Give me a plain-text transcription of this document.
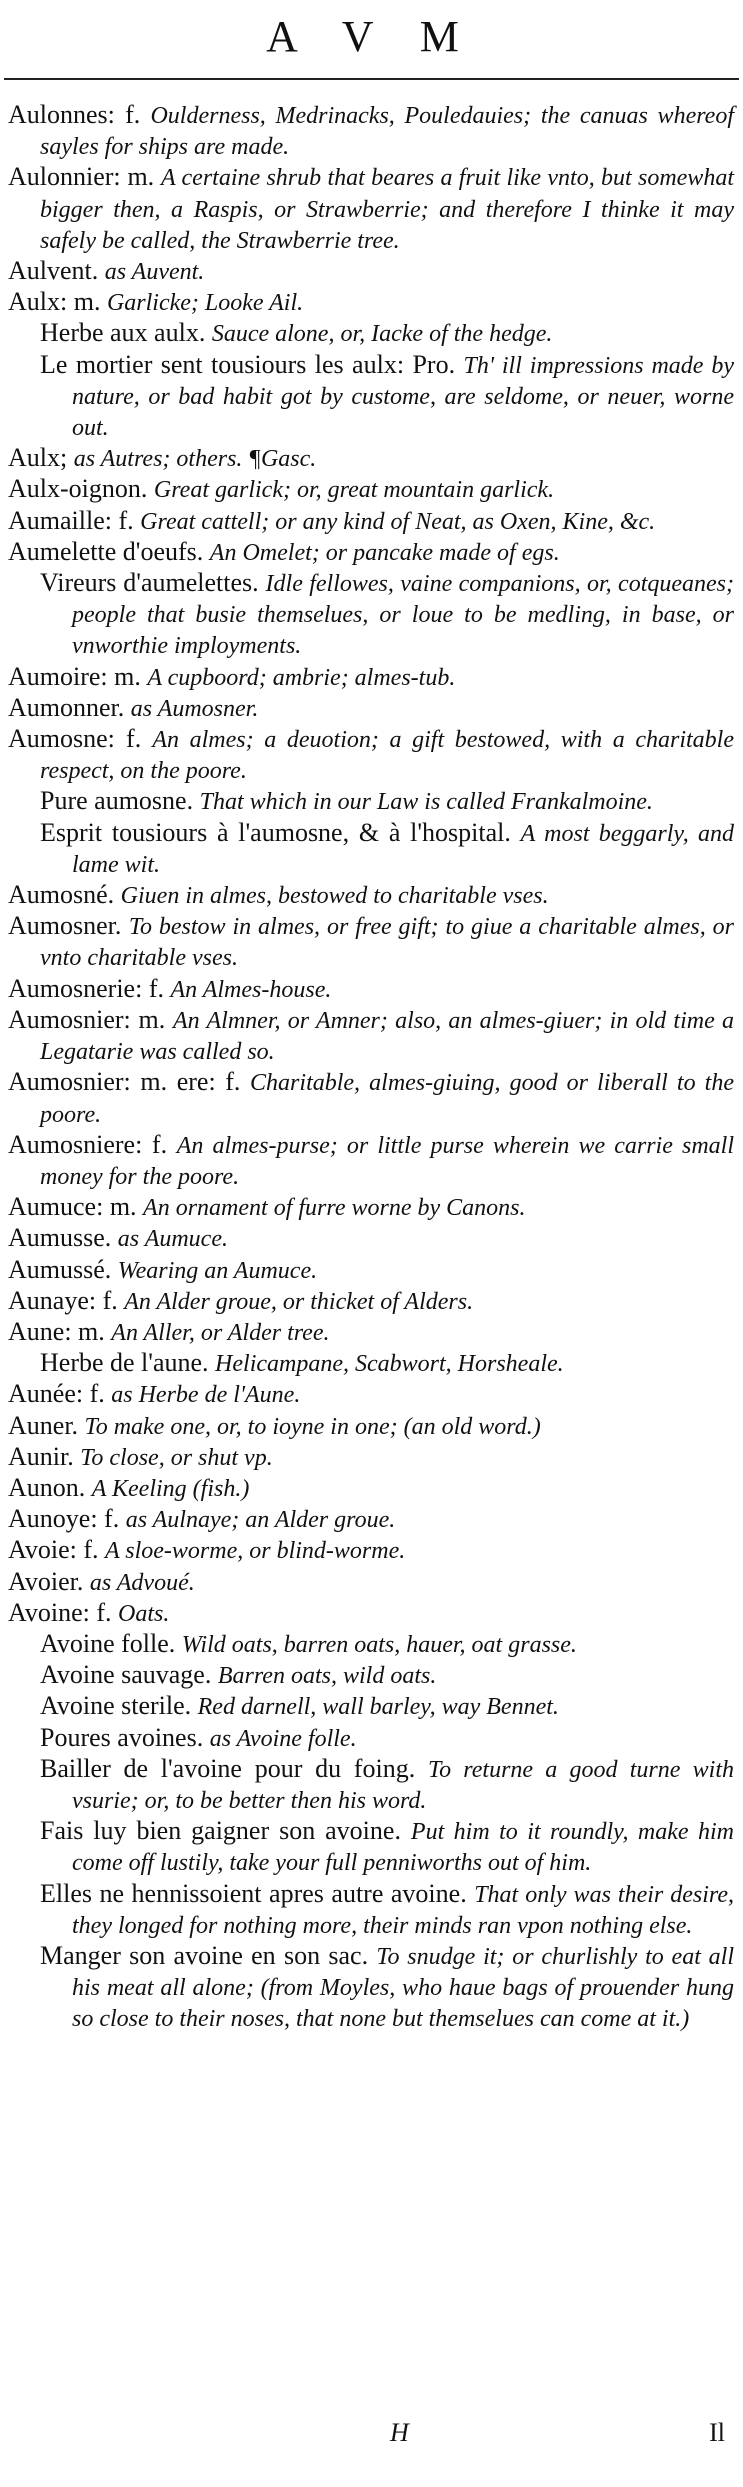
A V M

Aulonnes: f. Oulderness, Medrinacks, Pouledauies; the canuas whereof sayles for ships are made.

Aulonnier: m. A certaine shrub that beares a fruit like vnto, but somewhat bigger then, a Raspis, or Strawberrie; and therefore I thinke it may safely be called, the Strawberrie tree.

Aulvent. as Auvent.

Aulx: m. Garlicke; Looke Ail.

Herbe aux aulx. Sauce alone, or, Iacke of the hedge.

Le mortier sent tousiours les aulx: Pro. Th' ill impressions made by nature, or bad habit got by custome, are seldome, or neuer, worne out.

Aulx; as Autres; others. ¶Gasc.

Aulx-oignon. Great garlick; or, great mountain garlick.

Aumaille: f. Great cattell; or any kind of Neat, as Oxen, Kine, &c.

Aumelette d'oeufs. An Omelet; or pancake made of egs.

Vireurs d'aumelettes. Idle fellowes, vaine companions, or, cotqueanes; people that busie themselues, or loue to be medling, in base, or vnworthie imployments.

Aumoire: m. A cupboord; ambrie; almes-tub.

Aumonner. as Aumosner.

Aumosne: f. An almes; a deuotion; a gift bestowed, with a charitable respect, on the poore.

Pure aumosne. That which in our Law is called Frankalmoine.

Esprit tousiours à l'aumosne, & à l'hospital. A most beggarly, and lame wit.

Aumosné. Giuen in almes, bestowed to charitable vses.

Aumosner. To bestow in almes, or free gift; to giue a charitable almes, or vnto charitable vses.

Aumosnerie: f. An Almes-house.

Aumosnier: m. An Almner, or Amner; also, an almes-giuer; in old time a Legatarie was called so.

Aumosnier: m. ere: f. Charitable, almes-giuing, good or liberall to the poore.

Aumosniere: f. An almes-purse; or little purse wherein we carrie small money for the poore.

Aumuce: m. An ornament of furre worne by Canons.

Aumusse. as Aumuce.

Aumussé. Wearing an Aumuce.

Aunaye: f. An Alder groue, or thicket of Alders.

Aune: m. An Aller, or Alder tree.

Herbe de l'aune. Helicampane, Scabwort, Horsheale.

Aunée: f. as Herbe de l'Aune.

Auner. To make one, or, to ioyne in one; (an old word.)

Aunir. To close, or shut vp.

Aunon. A Keeling (fish.)

Aunoye: f. as Aulnaye; an Alder groue.

Avoie: f. A sloe-worme, or blind-worme.

Avoier. as Advoué.

Avoine: f. Oats.

Avoine folle. Wild oats, barren oats, hauer, oat grasse.

Avoine sauvage. Barren oats, wild oats.

Avoine sterile. Red darnell, wall barley, way Bennet.

Poures avoines. as Avoine folle.

Bailler de l'avoine pour du foing. To returne a good turne with vsurie; or, to be better then his word.

Fais luy bien gaigner son avoine. Put him to it roundly, make him come off lustily, take your full penniworths out of him.

Elles ne hennissoient apres autre avoine. That only was their desire, they longed for nothing more, their minds ran vpon nothing else.

Manger son avoine en son sac. To snudge it; or churlishly to eat all his meat all alone; (from Moyles, who haue bags of prouender hung so close to their noses, that none but themselues can come at it.)

H	Il
